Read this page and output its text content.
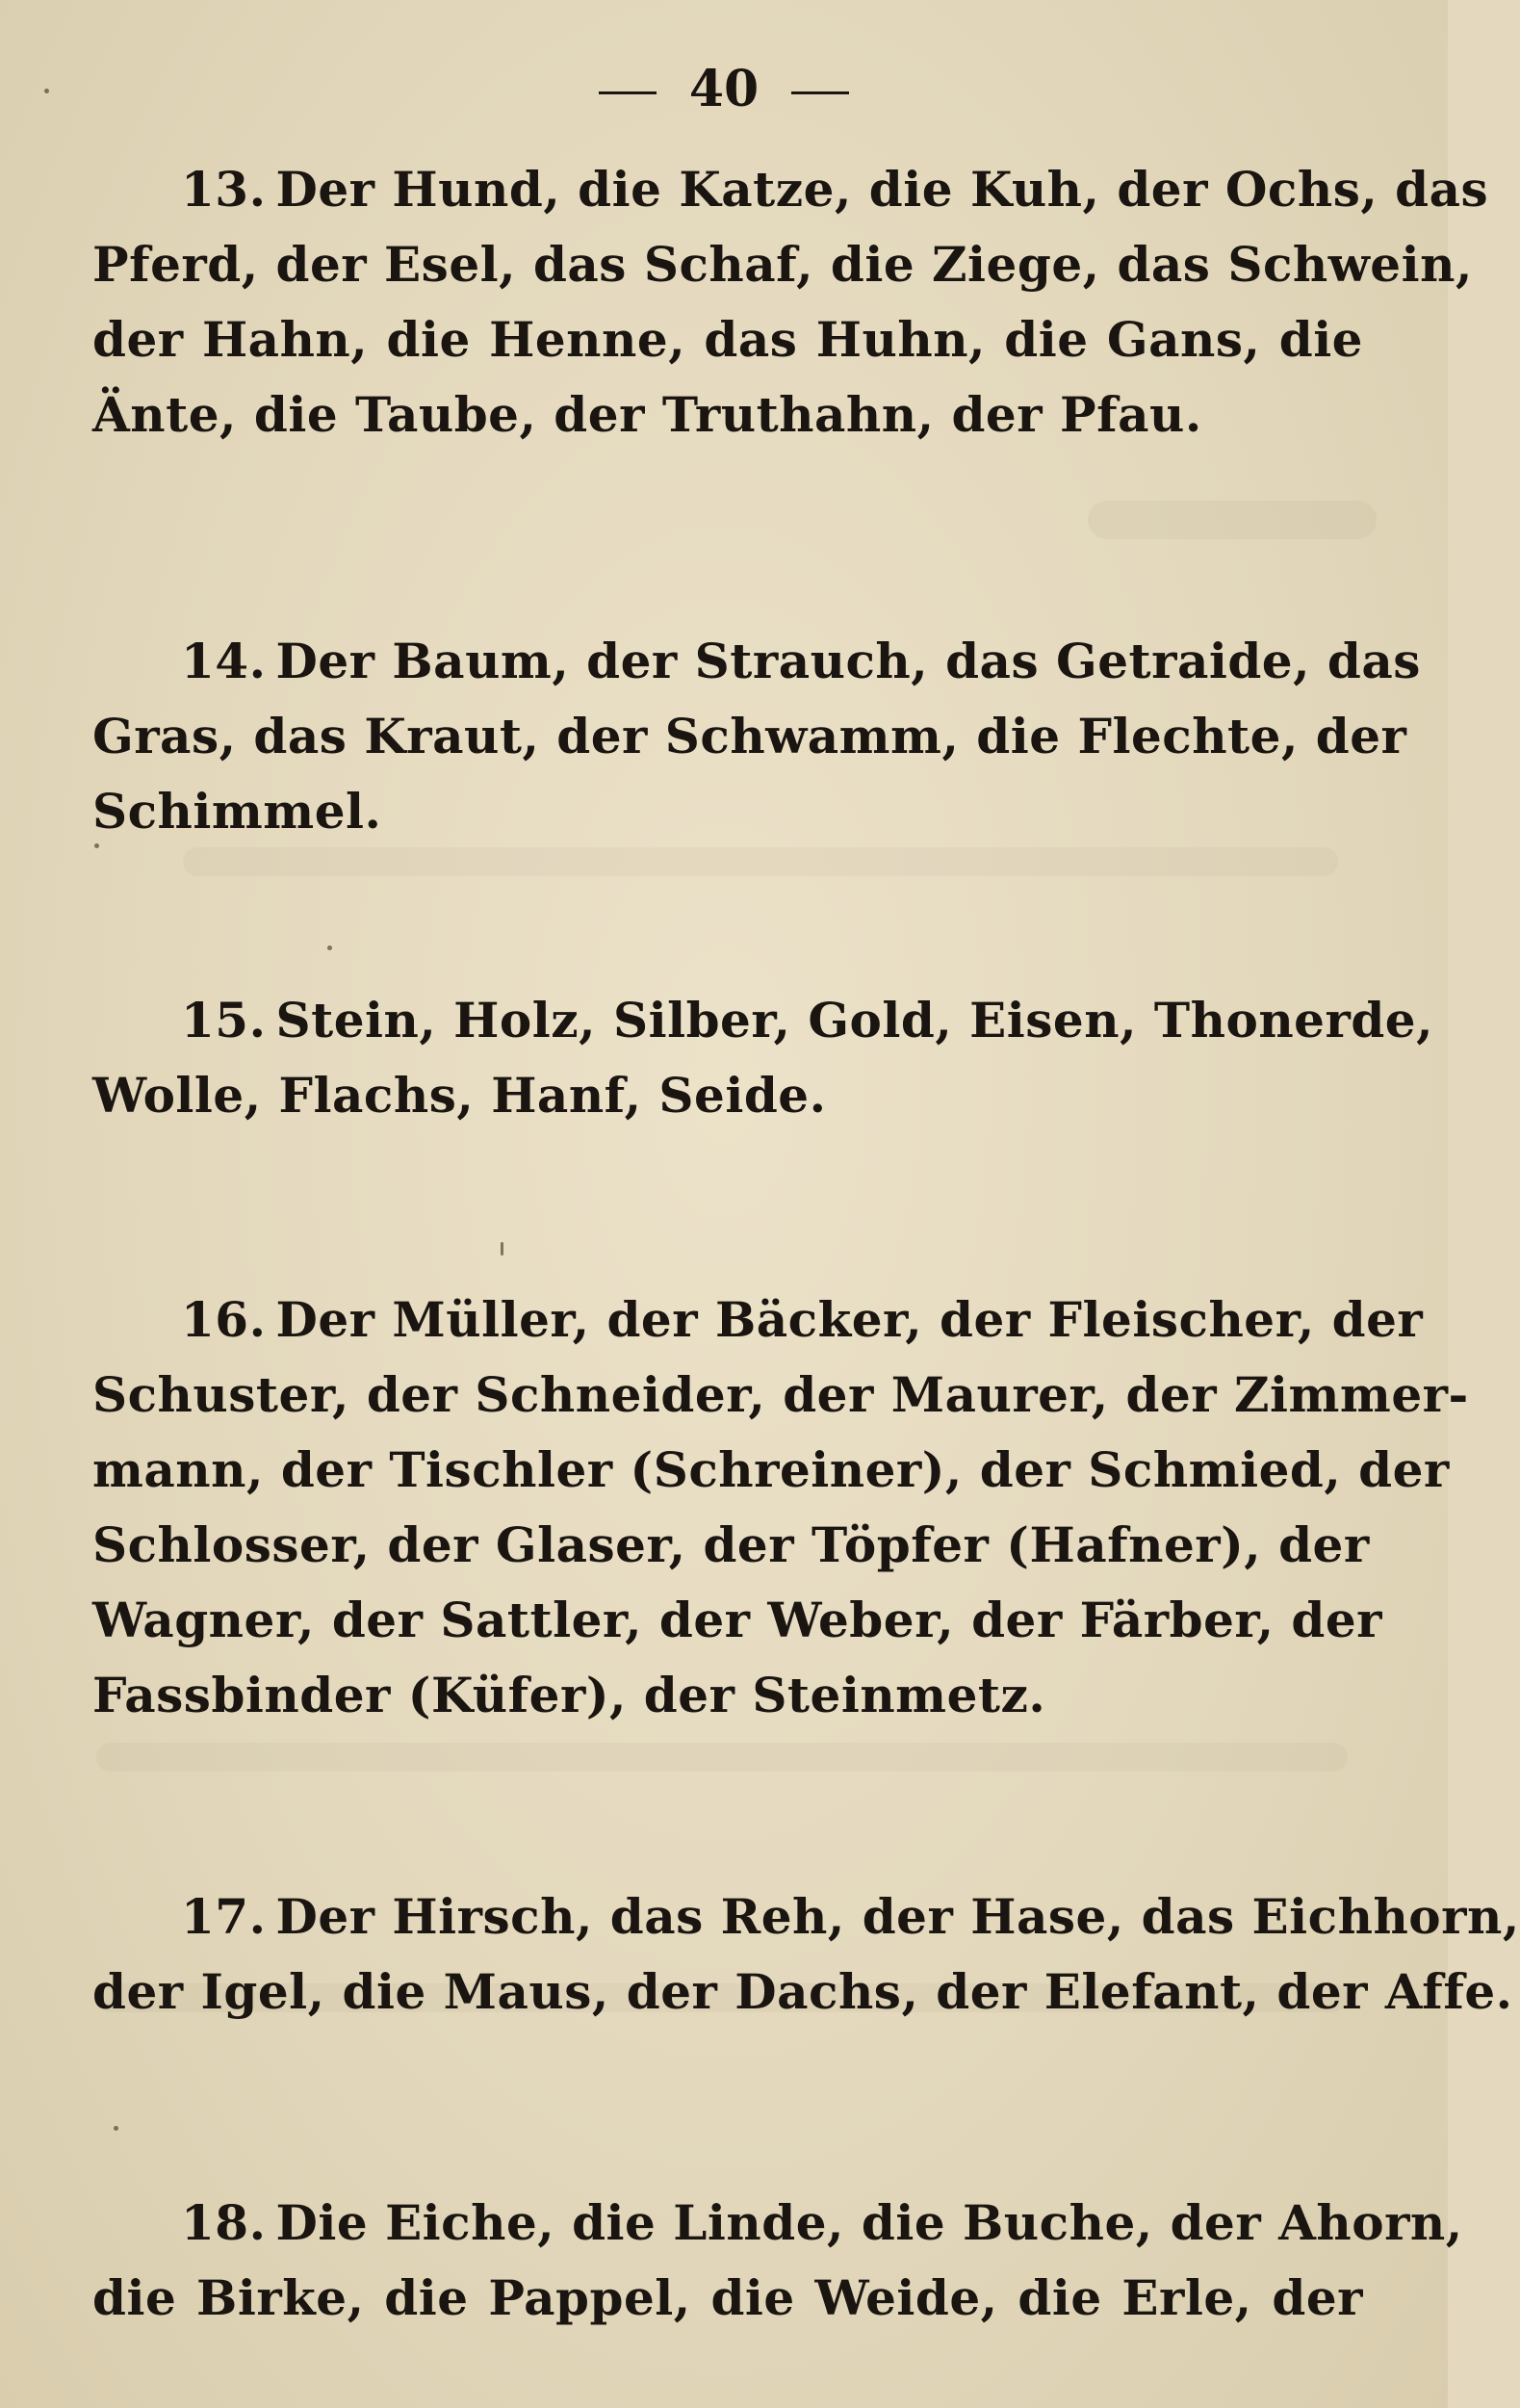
40
13. Der Hund, die Katze, die Kuh, der Ochs, das
Pferd, der Esel, das Schaf, die Ziege, das Schwein,
der Hahn, die Henne, das Huhn, die Gans, die
Änte, die Taube, der Truthahn, der Pfau.
14. Der Baum, der Strauch, das Getraide, das
Gras, das Kraut, der Schwamm, die Flechte, der
Schimmel.
15. Stein, Holz, Silber, Gold, Eisen, Thonerde,
Wolle, Flachs, Hanf, Seide.
16. Der Müller, der Bäcker, der Fleischer, der
Schuster, der Schneider, der Maurer, der Zimmer-
mann, der Tischler (Schreiner), der Schmied, der
Schlosser, der Glaser, der Töpfer (Hafner), der
Wagner, der Sattler, der Weber, der Färber, der
Fassbinder (Küfer), der Steinmetz.
17. Der Hirsch, das Reh, der Hase, das Eichhorn,
der Igel, die Maus, der Dachs, der Elefant, der Affe.
18. Die Eiche, die Linde, die Buche, der Ahorn,
die Birke, die Pappel, die Weide, die Erle, der
